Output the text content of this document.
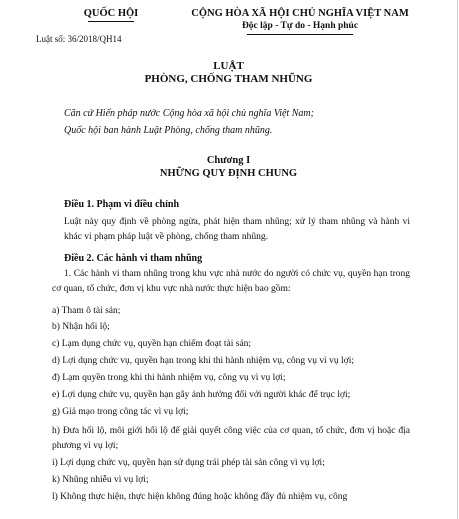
QUỐC HỘI	CỘNG HÒA XÃ HỘI CHỦ NGHĨA VIỆT NAM
Độc lập - Tự do - Hạnh phúc
Luật số: 36/2018/QH14
LUẬT
PHÒNG, CHỐNG THAM NHŨNG
Căn cứ Hiến pháp nước Cộng hòa xã hội chủ nghĩa Việt Nam;
Quốc hội ban hành Luật Phòng, chống tham nhũng.
Chương I
NHỮNG QUY ĐỊNH CHUNG
Điều 1. Phạm vi điều chỉnh
Luật này quy định về phòng ngừa, phát hiện tham nhũng; xử lý tham nhũng và hành vi khác vi phạm pháp luật về phòng, chống tham nhũng.
Điều 2. Các hành vi tham nhũng
1. Các hành vi tham nhũng trong khu vực nhà nước do người có chức vụ, quyền hạn trong cơ quan, tổ chức, đơn vị khu vực nhà nước thực hiện bao gồm:
a) Tham ô tài sản;
b) Nhận hối lộ;
c) Lạm dụng chức vụ, quyền hạn chiếm đoạt tài sản;
d) Lợi dụng chức vụ, quyền hạn trong khi thi hành nhiệm vụ, công vụ vì vụ lợi;
đ) Lạm quyền trong khi thi hành nhiệm vụ, công vụ vì vụ lợi;
e) Lợi dụng chức vụ, quyền hạn gây ảnh hưởng đối với người khác để trục lợi;
g) Giả mạo trong công tác vì vụ lợi;
h) Đưa hối lộ, môi giới hối lộ để giải quyết công việc của cơ quan, tổ chức, đơn vị hoặc địa phương vì vụ lợi;
i) Lợi dụng chức vụ, quyền hạn sử dụng trái phép tài sản công vì vụ lợi;
k) Nhũng nhiễu vì vụ lợi;
l) Không thực hiện, thực hiện không đúng hoặc không đầy đủ nhiệm vụ, công
